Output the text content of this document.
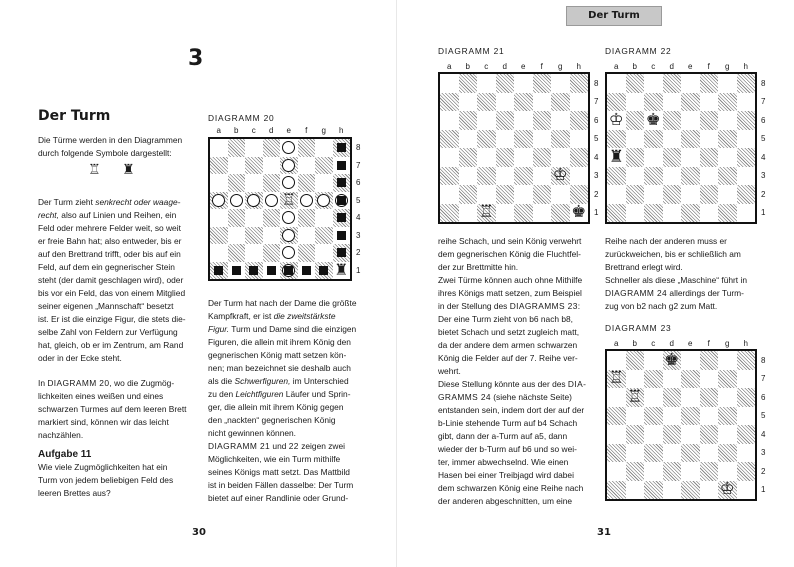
3
Der Turm

Die Türme werden in den Diagrammen

durch folgende Symbole dargestellt:

♖ ♜

Der Turm zieht senkrecht oder waage-

recht, also auf Linien und Reihen, ein

Feld oder mehrere Felder weit, so weit

er freie Bahn hat; also entweder, bis er

auf den Brettrand trifft, oder bis auf ein

Feld, auf dem ein gegnerischer Stein

steht (der damit geschlagen wird), oder

bis vor ein Feld, das von einem Mitglied

seiner eigenen „Mannschaft“ besetzt

ist. Er ist die einzige Figur, die stets die-

selbe Zahl von Feldern zur Verfügung

hat, gleich, ob er im Zentrum, am Rand

oder in der Ecke steht.

In DIAGRAMM 20, wo die Zugmög-

lichkeiten eines weißen und eines

schwarzen Turmes auf dem leeren Brett

markiert sind, können wir das leicht

nachzählen.

Aufgabe 11

Wie viele Zugmöglichkeiten hat ein

Turm von jedem beliebigen Feld des

leeren Brettes aus?

DIAGRAMM 20
a	b	c	d	e	f	g	h
8
7
6
5
4
3
2
1
♖
♜

Der Turm hat nach der Dame die größte

Kampfkraft, er ist die zweitstärkste

Figur. Turm und Dame sind die einzigen

Figuren, die allein mit ihrem König den

gegnerischen König matt setzen kön-

nen; man bezeichnet sie deshalb auch

als die Schwerfiguren, im Unterschied

zu den Leichtfiguren Läufer und Sprin-

ger, die allein mit ihrem König gegen

den „nackten“ gegnerischen König

nicht gewinnen können.

DIAGRAMM 21 und 22 zeigen zwei

Möglichkeiten, wie ein Turm mithilfe

seines Königs matt setzt. Das Mattbild

ist in beiden Fällen dasselbe: Der Turm

bietet auf einer Randlinie oder Grund-

30
Der Turm
DIAGRAMM 21
a	b	c	d	e	f	g	h
8
7
6
5
4
3
2
1
♔
♖	♚
DIAGRAMM 22
a	b	c	d	e	f	g	h
8
7
6
5
4
3
2
1
♔ ♚
♜

reihe Schach, und sein König verwehrt

dem gegnerischen König die Fluchtfel-

der zur Brettmitte hin.

Zwei Türme können auch ohne Mithilfe

ihres Königs matt setzen, zum Beispiel

in der Stellung des DIAGRAMMS 23:

Der eine Turm zieht von b6 nach b8,

bietet Schach und setzt zugleich matt,

da der andere dem armen schwarzen

König die Felder auf der 7. Reihe ver-

wehrt.

Diese Stellung könnte aus der des DIA-

GRAMMS 24 (siehe nächste Seite)

entstanden sein, indem dort der auf der

b-Linie stehende Turm auf b4 Schach

gibt, dann der a-Turm auf a5, dann

wieder der b-Turm auf b6 und so wei-

ter, immer abwechselnd. Wie einen

Hasen bei einer Treibjagd wird dabei

dem schwarzen König eine Reihe nach

der anderen abgeschnitten, um eine

Reihe nach der anderen muss er

zurückweichen, bis er schließlich am

Brettrand erlegt wird.

Schneller als diese „Maschine“ führt in

DIAGRAMM 24 allerdings der Turm-

zug von b2 nach g2 zum Matt.

DIAGRAMM 23
a	b	c	d	e	f	g	h
8
7
6
5
4
3
2
1
♚
♖
♖
♔
31
